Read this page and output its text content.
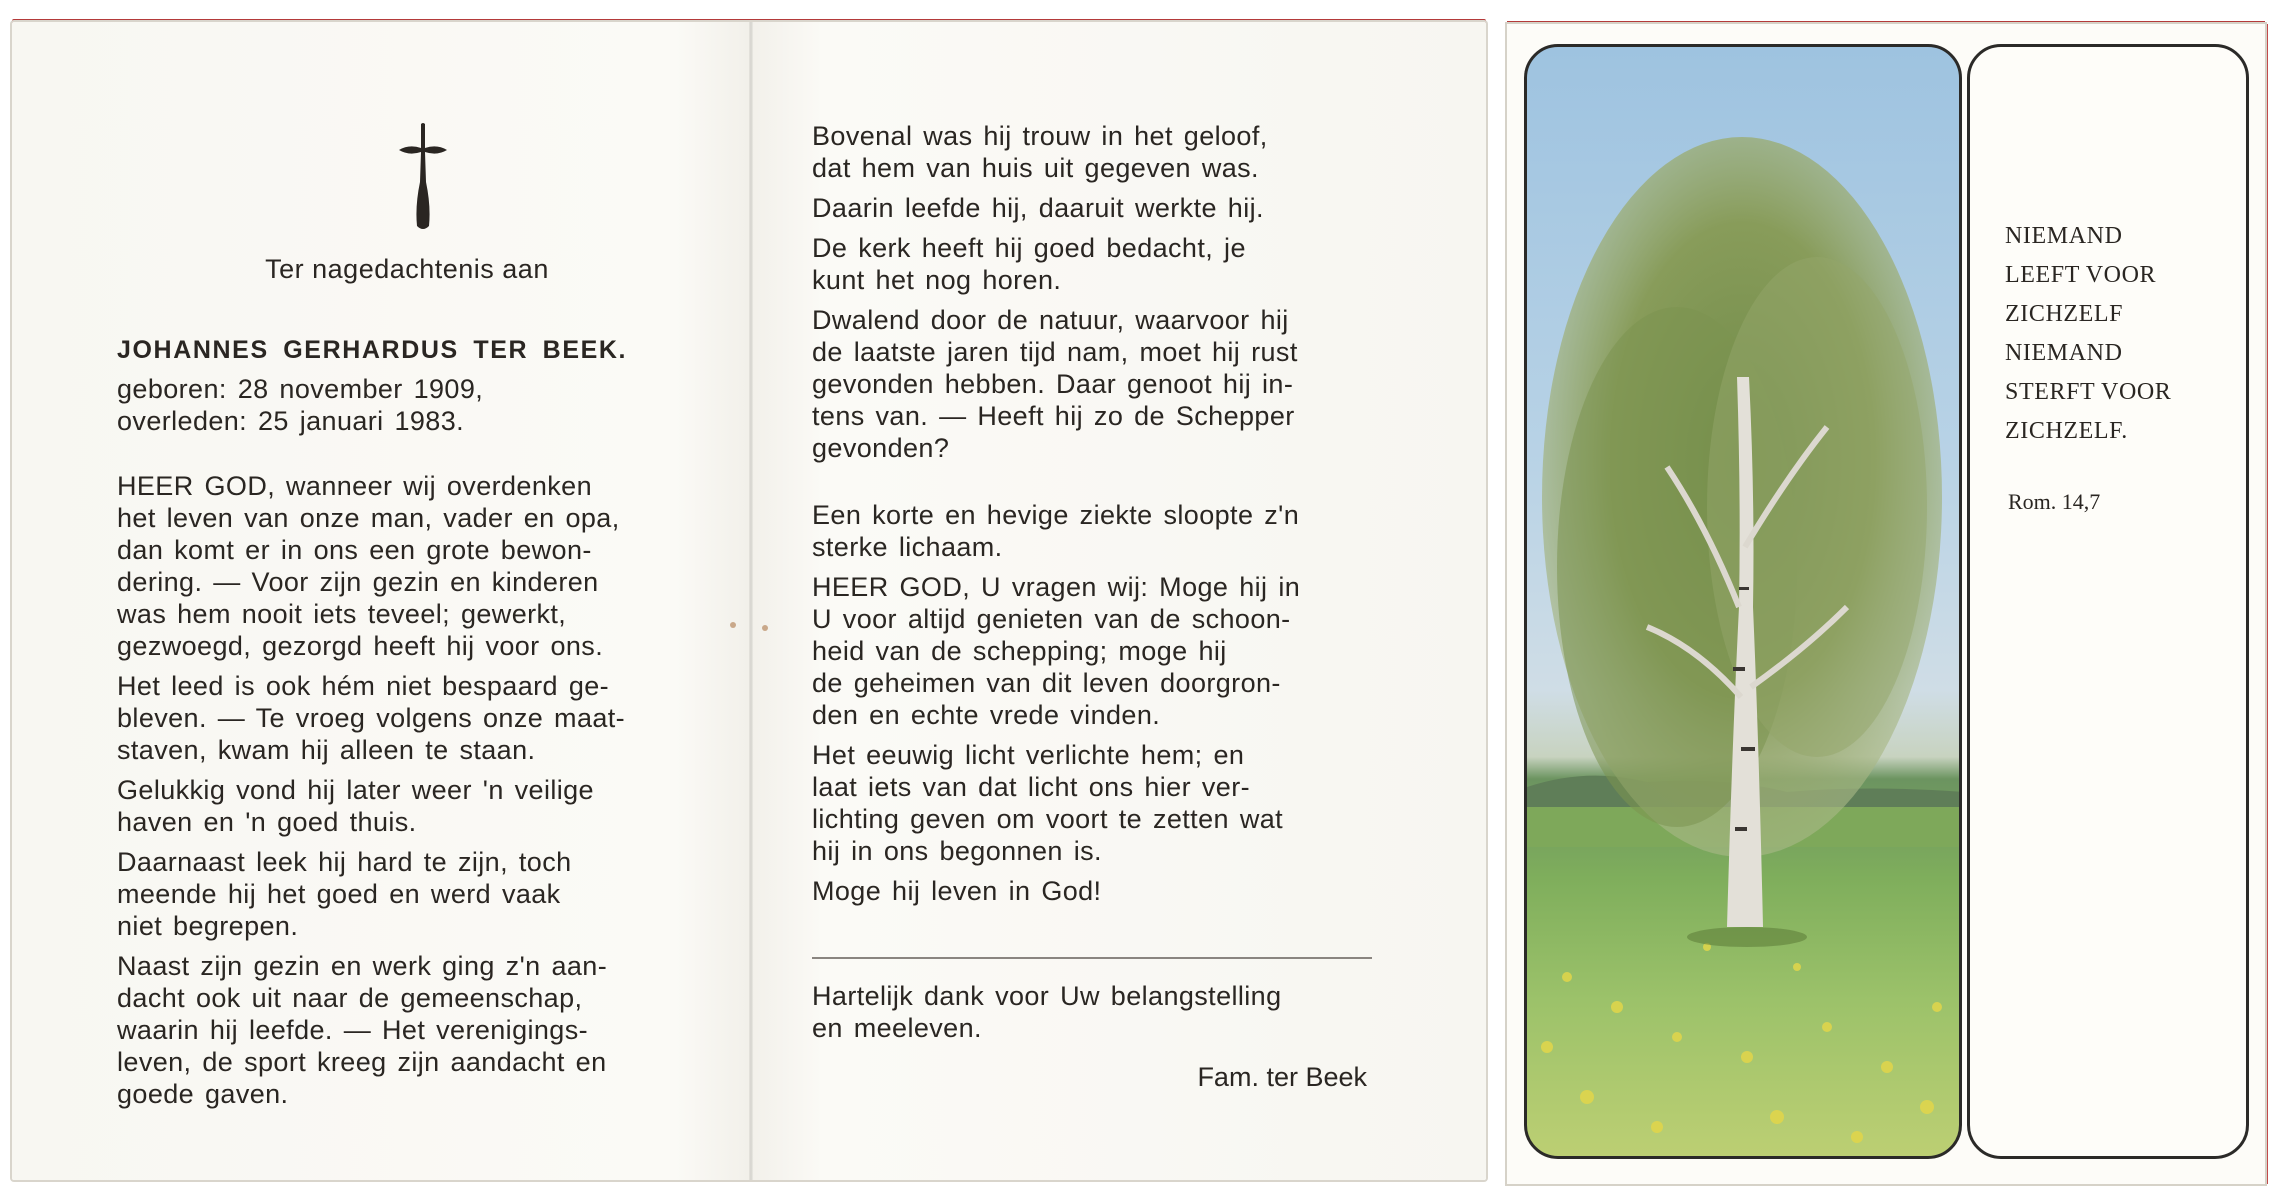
Ter nagedachtenis aan
JOHANNES GERHARDUS TER BEEK.
geboren: 28 november 1909,
overleden: 25 januari 1983.
HEER GOD, wanneer wij overdenken
het leven van onze man, vader en opa,
dan komt er in ons een grote bewon-
dering. — Voor zijn gezin en kinderen
was hem nooit iets teveel; gewerkt,
gezwoegd, gezorgd heeft hij voor ons.
Het leed is ook hém niet bespaard ge-
bleven. — Te vroeg volgens onze maat-
staven, kwam hij alleen te staan.
Gelukkig vond hij later weer 'n veilige
haven en 'n goed thuis.
Daarnaast leek hij hard te zijn, toch
meende hij het goed en werd vaak
niet begrepen.
Naast zijn gezin en werk ging z'n aan-
dacht ook uit naar de gemeenschap,
waarin hij leefde. — Het verenigings-
leven, de sport kreeg zijn aandacht en
goede gaven.
Bovenal was hij trouw in het geloof,
dat hem van huis uit gegeven was.
Daarin leefde hij, daaruit werkte hij.
De kerk heeft hij goed bedacht, je
kunt het nog horen.
Dwalend door de natuur, waarvoor hij
de laatste jaren tijd nam, moet hij rust
gevonden hebben. Daar genoot hij in-
tens van. — Heeft hij zo de Schepper
gevonden?
Een korte en hevige ziekte sloopte z'n
sterke lichaam.
HEER GOD, U vragen wij: Moge hij in
U voor altijd genieten van de schoon-
heid van de schepping; moge hij
de geheimen van dit leven doorgron-
den en echte vrede vinden.
Het eeuwig licht verlichte hem; en
laat iets van dat licht ons hier ver-
lichting geven om voort te zetten wat
hij in ons begonnen is.
Moge hij leven in God!
Hartelijk dank voor Uw belangstelling
en meeleven.
Fam. ter Beek
NIEMAND
LEEFT VOOR
ZICHZELF
NIEMAND
STERFT VOOR
ZICHZELF.
Rom. 14,7
